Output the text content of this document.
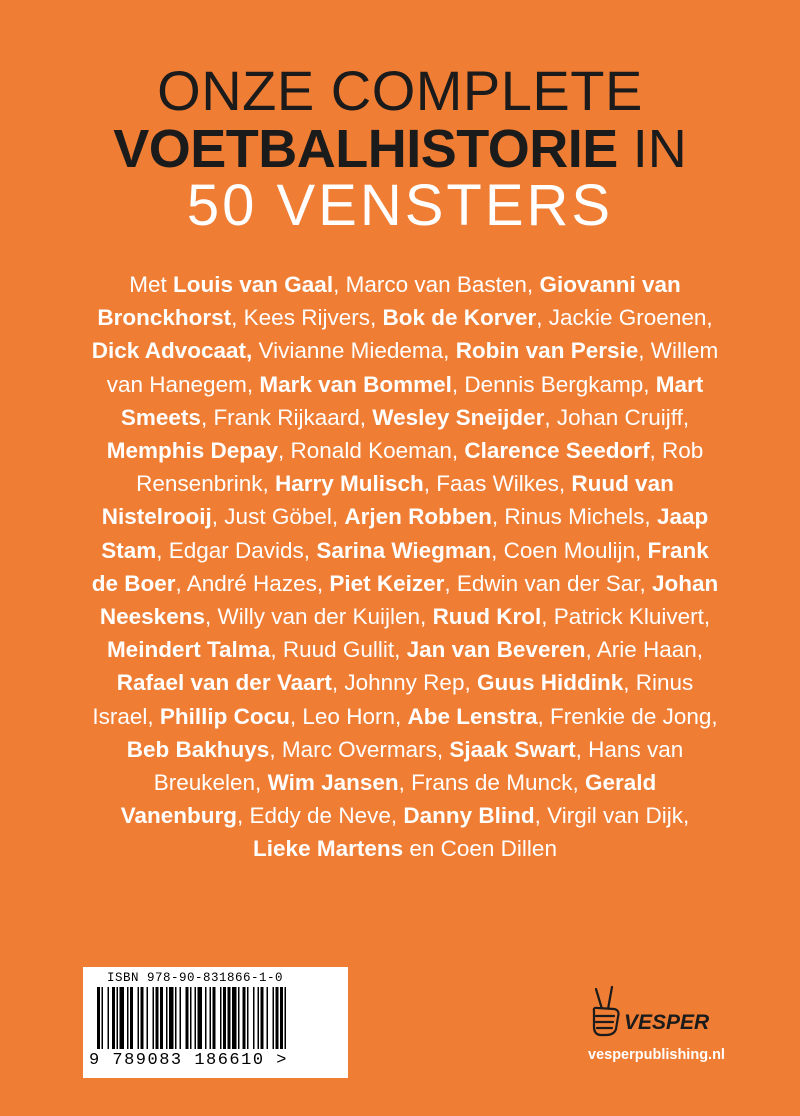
ONZE COMPLETE
VOETBALHISTORIE IN
50 VENSTERS
Met Louis van Gaal, Marco van Basten, Giovanni van Bronckhorst, Kees Rijvers, Bok de Korver, Jackie Groenen, Dick Advocaat, Vivianne Miedema, Robin van Persie, Willem van Hanegem, Mark van Bommel, Dennis Bergkamp, Mart Smeets, Frank Rijkaard, Wesley Sneijder, Johan Cruijff, Memphis Depay, Ronald Koeman, Clarence Seedorf, Rob Rensenbrink, Harry Mulisch, Faas Wilkes, Ruud van Nistelrooij, Just Göbel, Arjen Robben, Rinus Michels, Jaap Stam, Edgar Davids, Sarina Wiegman, Coen Moulijn, Frank de Boer, André Hazes, Piet Keizer, Edwin van der Sar, Johan Neeskens, Willy van der Kuijlen, Ruud Krol, Patrick Kluivert, Meindert Talma, Ruud Gullit, Jan van Beveren, Arie Haan, Rafael van der Vaart, Johnny Rep, Guus Hiddink, Rinus Israel, Phillip Cocu, Leo Horn, Abe Lenstra, Frenkie de Jong, Beb Bakhuys, Marc Overmars, Sjaak Swart, Hans van Breukelen, Wim Jansen, Frans de Munck, Gerald Vanenburg, Eddy de Neve, Danny Blind, Virgil van Dijk, Lieke Martens en Coen Dillen
ISBN 978-90-831866-1-0
9 789083 186610 >
VESPER
vesperpublishing.nl
